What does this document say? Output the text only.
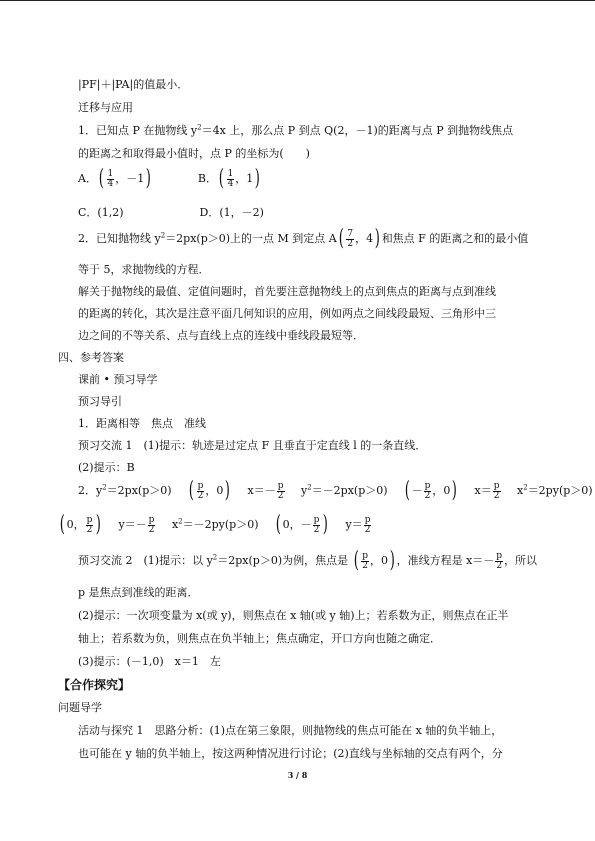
|PF|＋|PA|的值最小．
迁移与应用
1．已知点 P 在抛物线 $y^2=4x$ 上，那么点 P 到点 Q(2，－1)的距离与点 P 到抛物线焦点
的距离之和取得最小值时，点 P 的坐标为(　　)
A． ( 1
4 ，－1 )	B． ( 1
4 ，1 )
C．(1,2)	D．(1，－2)
2．已知抛物线 $y^2=2px(p>0)$上的一点 M 到定点 A ( 7
2 ，4 ) 和焦点 F 的距离之和的最小值
等于 5，求抛物线的方程．
解关于抛物线的最值、定值问题时，首先要注意抛物线上的点到焦点的距离与点到准线
的距离的转化，其次是注意平面几何知识的应用，例如两点之间线段最短、三角形中三
边之间的不等关系、点与直线上点的连线中垂线段最短等．
四、参考答案
课前 • 预习导学
预习导引
1．距离相等　焦点　准线
预习交流 1　(1)提示：轨迹是过定点 F 且垂直于定直线 l 的一条直线．
(2)提示：B
2．$y^2=2px(p>0)$ ( p
2 ，0 ) $x=- \frac{p}{2} y^2=-2px(p>0)$ ( － p
2 ，0 ) $x= \frac{p}{2} x^2=2py(p>0)$
( 0， p
2 ) $y=- \frac{p}{2} x^2=-2py(p>0)$ ( 0，－ p
2 ) $y= \frac{p}{2}$
预习交流 2　(1)提示：以 $y^2=2px(p>0)$为例，焦点是 ( p
2 ，0 ) ，准线方程是 $x=- \frac{p}{2}$ ，所以
p 是焦点到准线的距离．
(2)提示：一次项变量为 x(或 y)，则焦点在 x 轴(或 y 轴)上；若系数为正，则焦点在正半
轴上；若系数为负，则焦点在负半轴上；焦点确定，开口方向也随之确定．
(3)提示：(－1,0)　x＝1　左
【合作探究】
问题导学
活动与探究 1　思路分析：(1)点在第三象限，则抛物线的焦点可能在 x 轴的负半轴上，
也可能在 y 轴的负半轴上，按这两种情况进行讨论；(2)直线与坐标轴的交点有两个，分
3 / 8
